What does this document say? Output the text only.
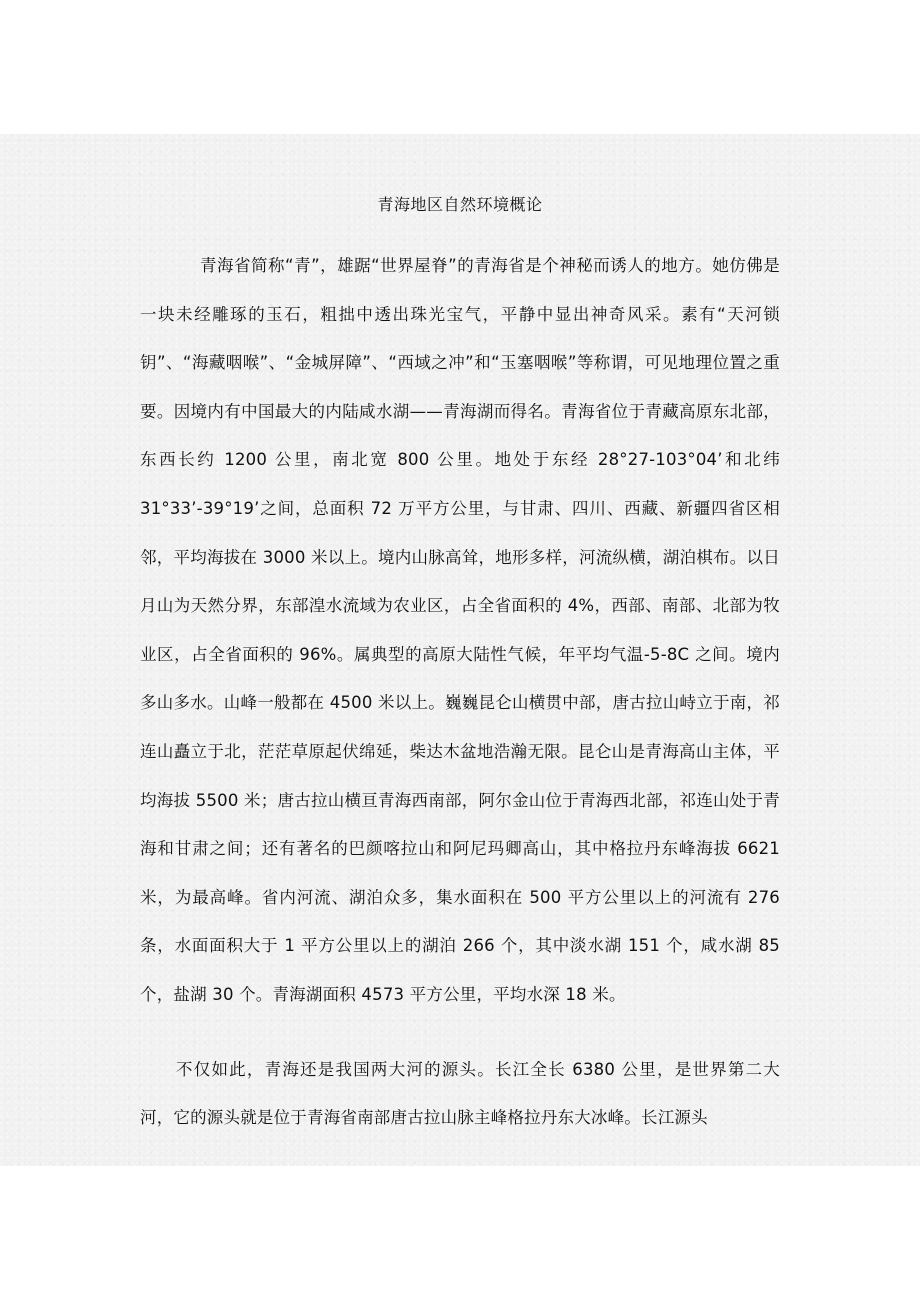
青海地区自然环境概论

青海省简称“青”，雄踞“世界屋脊”的青海省是个神秘而诱人的地方。她仿佛是一块未经雕琢的玉石，粗拙中透出珠光宝气，平静中显出神奇风采。素有“天河锁钥”、“海藏咽喉”、“金城屏障”、“西域之冲”和“玉塞咽喉”等称谓，可见地理位置之重要。因境内有中国最大的内陆咸水湖——青海湖而得名。青海省位于青藏高原东北部，东西长约 1200 公里，南北宽 800 公里。地处于东经 28°27-103°04’和北纬 31°33’-39°19’之间，总面积 72 万平方公里，与甘肃、四川、西藏、新疆四省区相邻，平均海拔在 3000 米以上。境内山脉高耸，地形多样，河流纵横，湖泊棋布。以日月山为天然分界，东部湟水流域为农业区，占全省面积的 4%，西部、南部、北部为牧业区，占全省面积的 96%。属典型的高原大陆性气候，年平均气温-5-8C 之间。境内多山多水。山峰一般都在 4500 米以上。巍巍昆仑山横贯中部，唐古拉山峙立于南，祁连山矗立于北，茫茫草原起伏绵延，柴达木盆地浩瀚无限。昆仑山是青海高山主体，平均海拔 5500 米；唐古拉山横亘青海西南部，阿尔金山位于青海西北部，祁连山处于青海和甘肃之间；还有著名的巴颜喀拉山和阿尼玛卿高山，其中格拉丹东峰海拔 6621 米，为最高峰。省内河流、湖泊众多，集水面积在 500 平方公里以上的河流有 276 条，水面面积大于 1 平方公里以上的湖泊 266 个，其中淡水湖 151 个，咸水湖 85 个，盐湖 30 个。青海湖面积 4573 平方公里，平均水深 18 米。

不仅如此，青海还是我国两大河的源头。长江全长 6380 公里，是世界第二大河，它的源头就是位于青海省南部唐古拉山脉主峰格拉丹东大冰峰。长江源头
